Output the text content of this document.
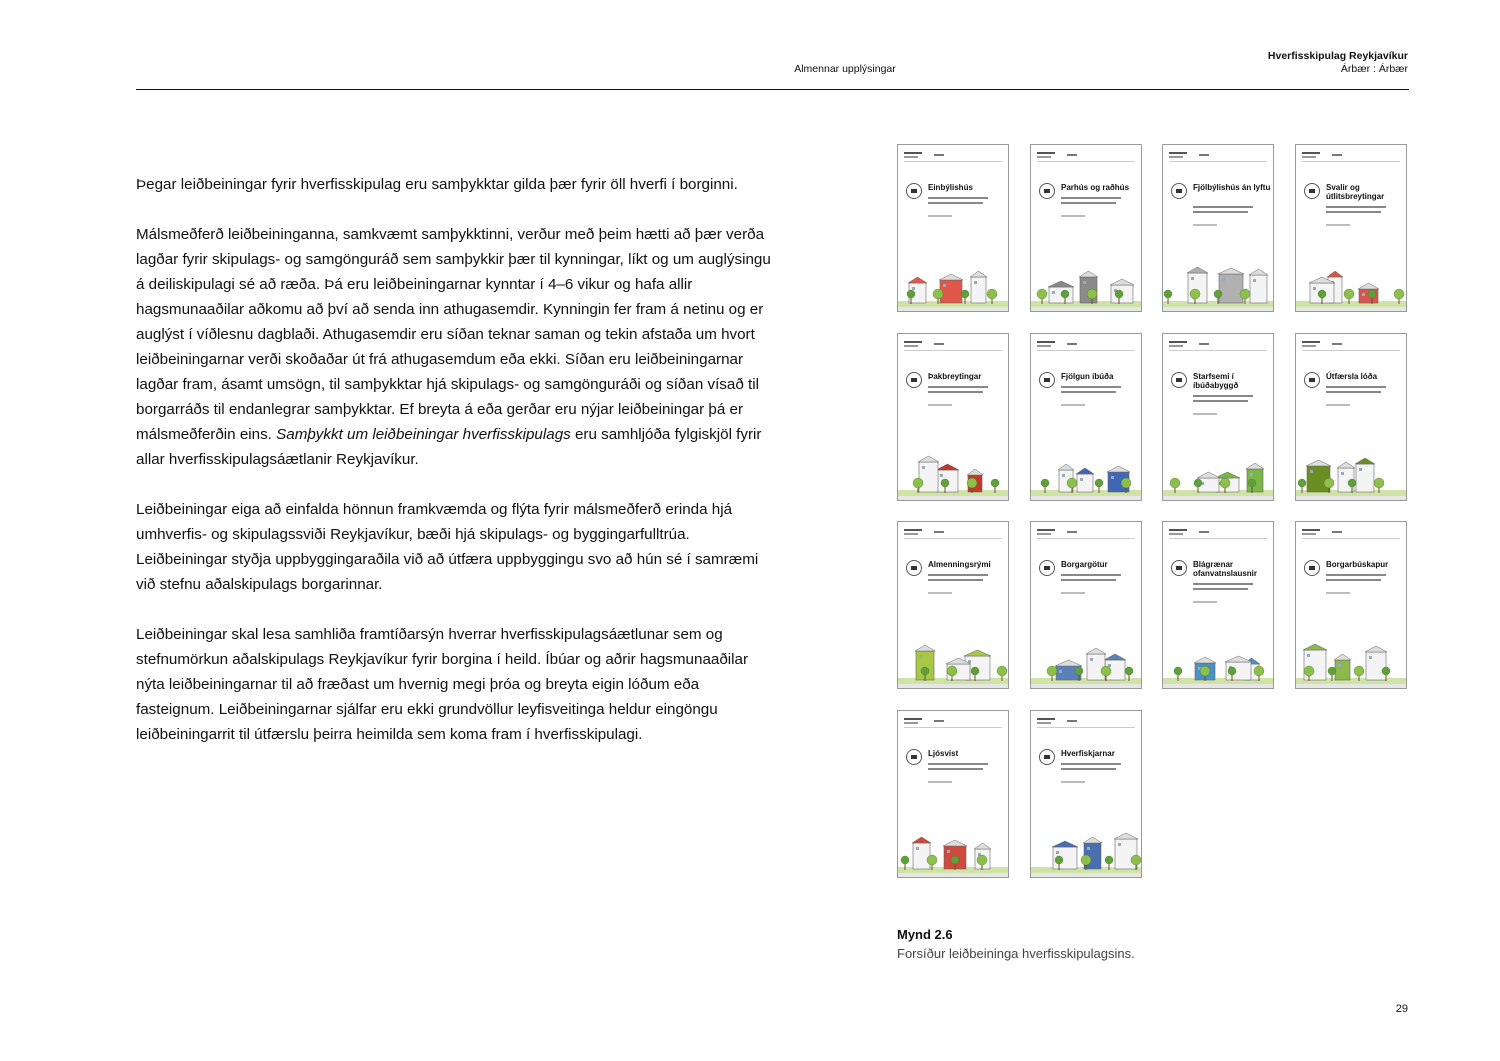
Almennar upplýsingar
Hverfisskipulag Reykjavíkur
Árbær : Árbær

Þegar leiðbeiningar fyrir hverfisskipulag eru samþykktar gilda þær fyrir öll hverfi í borginni.

Málsmeðferð leiðbeininganna, samkvæmt samþykktinni, verður með þeim hætti að þær verða lagðar fyrir skipulags- og samgönguráð sem samþykkir þær til kynningar, líkt og um auglýsingu á deiliskipulagi sé að ræða. Þá eru leiðbeiningarnar kynntar í 4–6 vikur og hafa allir hagsmunaaðilar aðkomu að því að senda inn athugasemdir. Kynningin fer fram á netinu og er auglýst í víðlesnu dagblaði. Athugasemdir eru síðan teknar saman og tekin afstaða um hvort leiðbeiningarnar verði skoðaðar út frá athugasemdum eða ekki. Síðan eru leiðbeiningarnar lagðar fram, ásamt umsögn, til samþykktar hjá skipulags- og samgönguráði og síðan vísað til borgarráðs til endanlegrar samþykktar. Ef breyta á eða gerðar eru nýjar leiðbeiningar þá er málsmeðferðin eins. Samþykkt um leiðbeiningar hverfisskipulags eru samhljóða fylgiskjöl fyrir allar hverfisskipulagsáætlanir Reykjavíkur.

Leiðbeiningar eiga að einfalda hönnun framkvæmda og flýta fyrir málsmeðferð erinda hjá umhverfis- og skipulagssviði Reykjavíkur, bæði hjá skipulags- og byggingarfulltrúa. Leiðbeiningar styðja uppbyggingaraðila við að útfæra uppbyggingu svo að hún sé í samræmi við stefnu aðalskipulags borgarinnar.

Leiðbeiningar skal lesa samhliða framtíðarsýn hverrar hverfisskipulagsáætlunar sem og stefnumörkun aðalskipulags Reykjavíkur fyrir borgina í heild. Íbúar og aðrir hagsmunaaðilar nýta leiðbeiningarnar til að fræðast um hvernig megi þróa og breyta eigin lóðum eða fasteignum. Leiðbeiningarnar sjálfar eru ekki grundvöllur leyfisveitinga heldur eingöngu leiðbeiningarrit til útfærslu þeirra heimilda sem koma fram í hverfisskipulagi.

Einbýlishús	Parhús og raðhús	Fjölbýlishús án lyftu	Svalir og útlitsbreytingar
Þakbreytingar	Fjölgun íbúða	Starfsemi í íbúðabyggð
Útfærsla lóða
Almenningsrými	Borgargötur	Blágrænar ofanvatnslausnir
Borgarbúskapur
Ljósvist	Hverfiskjarnar
Mynd 2.6
Forsíður leiðbeininga hverfisskipulagsins.
29
